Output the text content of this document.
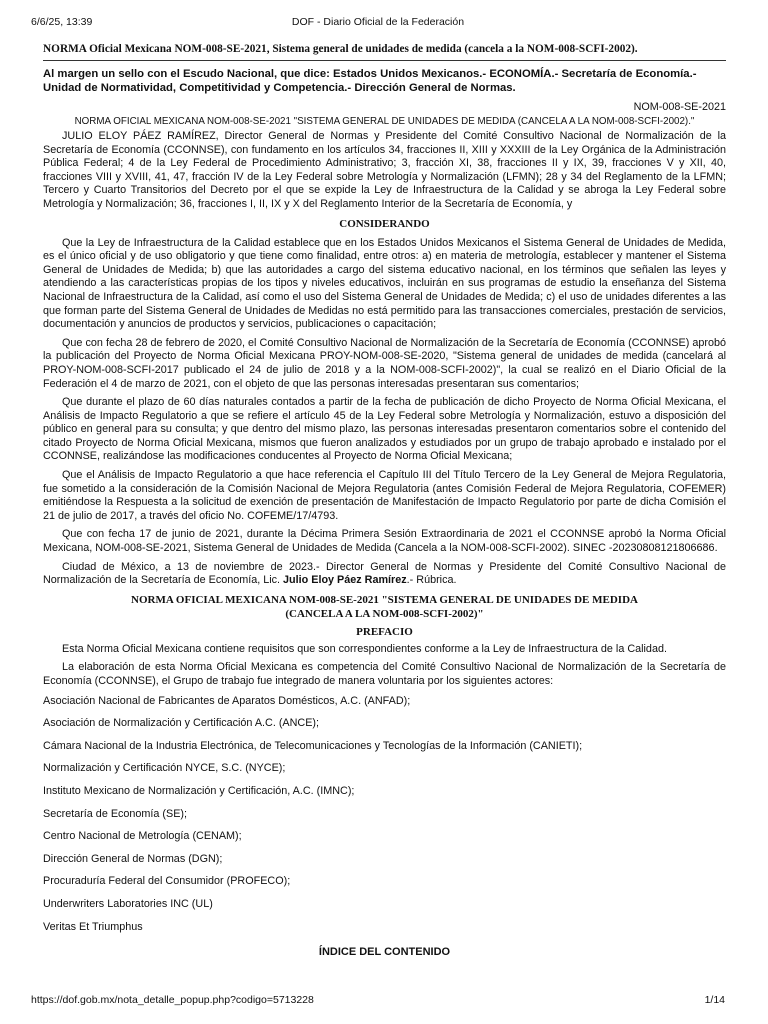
6/6/25, 13:39	DOF - Diario Oficial de la Federación
NORMA Oficial Mexicana NOM-008-SE-2021, Sistema general de unidades de medida (cancela a la NOM-008-SCFI-2002).
Al margen un sello con el Escudo Nacional, que dice: Estados Unidos Mexicanos.- ECONOMÍA.- Secretaría de Economía.- Unidad de Normatividad, Competitividad y Competencia.- Dirección General de Normas.
NOM-008-SE-2021
NORMA OFICIAL MEXICANA NOM-008-SE-2021 "SISTEMA GENERAL DE UNIDADES DE MEDIDA (CANCELA A LA NOM-008-SCFI-2002)."

JULIO ELOY PÁEZ RAMÍREZ, Director General de Normas y Presidente del Comité Consultivo Nacional de Normalización de la Secretaría de Economía (CCONNSE), con fundamento en los artículos 34, fracciones II, XIII y XXXIII de la Ley Orgánica de la Administración Pública Federal; 4 de la Ley Federal de Procedimiento Administrativo; 3, fracción XI, 38, fracciones II y IX, 39, fracciones V y XII, 40, fracciones VIII y XVIII, 41, 47, fracción IV de la Ley Federal sobre Metrología y Normalización (LFMN); 28 y 34 del Reglamento de la LFMN; Tercero y Cuarto Transitorios del Decreto por el que se expide la Ley de Infraestructura de la Calidad y se abroga la Ley Federal sobre Metrología y Normalización; 36, fracciones I, II, IX y X del Reglamento Interior de la Secretaría de Economía, y

CONSIDERANDO

Que la Ley de Infraestructura de la Calidad establece que en los Estados Unidos Mexicanos el Sistema General de Unidades de Medida, es el único oficial y de uso obligatorio y que tiene como finalidad, entre otros: a) en materia de metrología, establecer y mantener el Sistema General de Unidades de Medida; b) que las autoridades a cargo del sistema educativo nacional, en los términos que señalen las leyes y atendiendo a las características propias de los tipos y niveles educativos, incluirán en sus programas de estudio la enseñanza del Sistema Nacional de Infraestructura de la Calidad, así como el uso del Sistema General de Unidades de Medida; c) el uso de unidades diferentes a las que forman parte del Sistema General de Unidades de Medidas no está permitido para las transacciones comerciales, prestación de servicios, documentación y anuncios de productos y servicios, publicaciones o capacitación;

Que con fecha 28 de febrero de 2020, el Comité Consultivo Nacional de Normalización de la Secretaría de Economía (CCONNSE) aprobó la publicación del Proyecto de Norma Oficial Mexicana PROY-NOM-008-SE-2020, "Sistema general de unidades de medida (cancelará al PROY-NOM-008-SCFI-2017 publicado el 24 de julio de 2018 y a la NOM-008-SCFI-2002)", la cual se realizó en el Diario Oficial de la Federación el 4 de marzo de 2021, con el objeto de que las personas interesadas presentaran sus comentarios;

Que durante el plazo de 60 días naturales contados a partir de la fecha de publicación de dicho Proyecto de Norma Oficial Mexicana, el Análisis de Impacto Regulatorio a que se refiere el artículo 45 de la Ley Federal sobre Metrología y Normalización, estuvo a disposición del público en general para su consulta; y que dentro del mismo plazo, las personas interesadas presentaron comentarios sobre el contenido del citado Proyecto de Norma Oficial Mexicana, mismos que fueron analizados y estudiados por un grupo de trabajo aprobado e instalado por el CCONNSE, realizándose las modificaciones conducentes al Proyecto de Norma Oficial Mexicana;

Que el Análisis de Impacto Regulatorio a que hace referencia el Capítulo III del Título Tercero de la Ley General de Mejora Regulatoria, fue sometido a la consideración de la Comisión Nacional de Mejora Regulatoria (antes Comisión Federal de Mejora Regulatoria, COFEMER) emitiéndose la Respuesta a la solicitud de exención de presentación de Manifestación de Impacto Regulatorio por parte de dicha Comisión el 21 de julio de 2017, a través del oficio No. COFEME/17/4793.

Que con fecha 17 de junio de 2021, durante la Décima Primera Sesión Extraordinaria de 2021 el CCONNSE aprobó la Norma Oficial Mexicana, NOM-008-SE-2021, Sistema General de Unidades de Medida (Cancela a la NOM-008-SCFI-2002). SINEC -20230808121806686.

Ciudad de México, a 13 de noviembre de 2023.- Director General de Normas y Presidente del Comité Consultivo Nacional de Normalización de la Secretaría de Economía, Lic. Julio Eloy Páez Ramírez.- Rúbrica.

NORMA OFICIAL MEXICANA NOM-008-SE-2021 "SISTEMA GENERAL DE UNIDADES DE MEDIDA
(CANCELA A LA NOM-008-SCFI-2002)"
PREFACIO

Esta Norma Oficial Mexicana contiene requisitos que son correspondientes conforme a la Ley de Infraestructura de la Calidad.

La elaboración de esta Norma Oficial Mexicana es competencia del Comité Consultivo Nacional de Normalización de la Secretaría de Economía (CCONNSE), el Grupo de trabajo fue integrado de manera voluntaria por los siguientes actores:

Asociación Nacional de Fabricantes de Aparatos Domésticos, A.C. (ANFAD);
Asociación de Normalización y Certificación A.C. (ANCE);
Cámara Nacional de la Industria Electrónica, de Telecomunicaciones y Tecnologías de la Información (CANIETI);
Normalización y Certificación NYCE, S.C. (NYCE);
Instituto Mexicano de Normalización y Certificación, A.C. (IMNC);
Secretaría de Economía (SE);
Centro Nacional de Metrología (CENAM);
Dirección General de Normas (DGN);
Procuraduría Federal del Consumidor (PROFECO);
Underwriters Laboratories INC (UL)
Veritas Et Triumphus
ÍNDICE DEL CONTENIDO
https://dof.gob.mx/nota_detalle_popup.php?codigo=5713228	1/14
